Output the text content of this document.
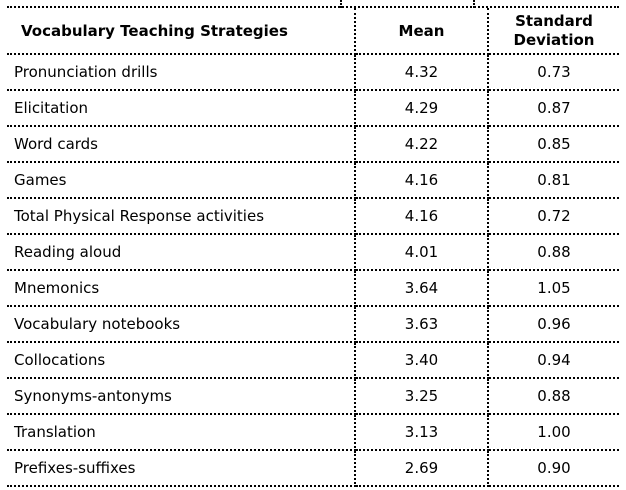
Vocabulary Teaching Strategies	Mean	Standard
Deviation
Pronunciation drills	4.32	0.73
Elicitation	4.29	0.87
Word cards	4.22	0.85
Games	4.16	0.81
Total Physical Response activities	4.16	0.72
Reading aloud	4.01	0.88
Mnemonics	3.64	1.05
Vocabulary notebooks	3.63	0.96
Collocations	3.40	0.94
Synonyms-antonyms	3.25	0.88
Translation	3.13	1.00
Prefixes-suffixes	2.69	0.90
